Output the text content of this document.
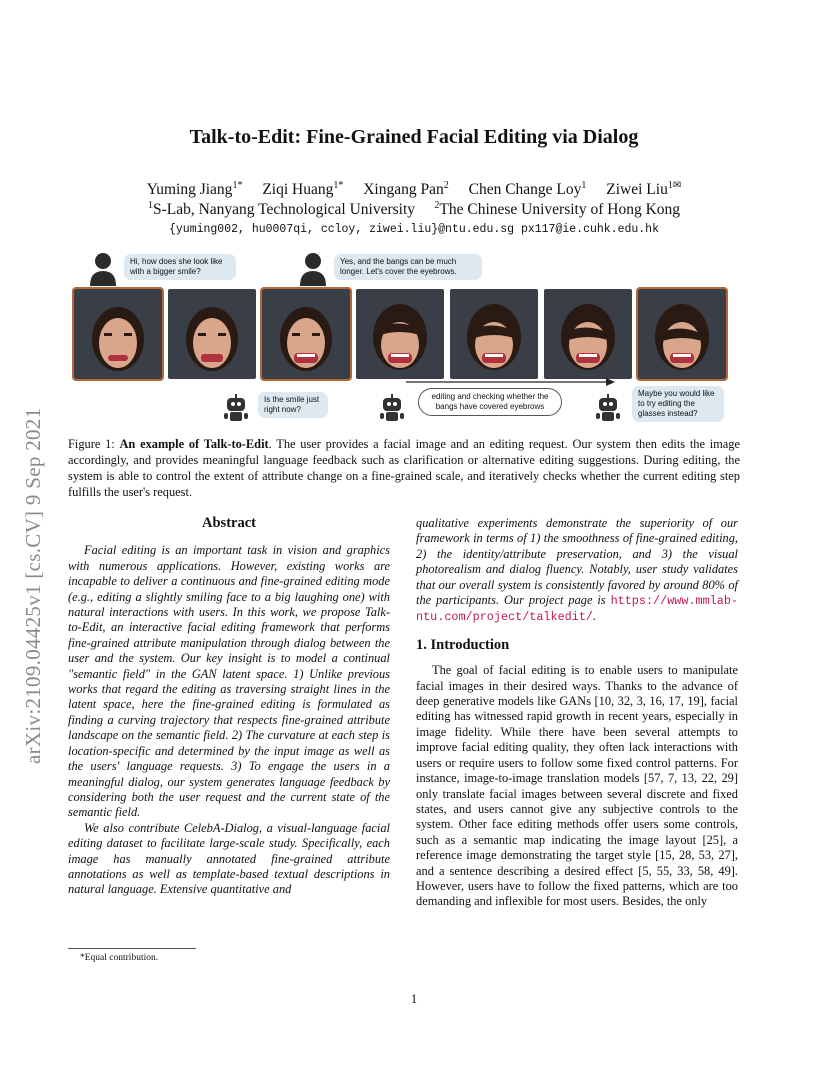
arXiv:2109.04425v1 [cs.CV] 9 Sep 2021
Talk-to-Edit: Fine-Grained Facial Editing via Dialog
Yuming Jiang$^{1*}$ Ziqi Huang$^{1*}$ Xingang Pan$^2$ Chen Change Loy$^1$ Ziwei Liu$^{1✉}$
$^1$S-Lab, Nanyang Technological University $^2$The Chinese University of Hong Kong
{yuming002, hu0007qi, ccloy, ziwei.liu}@ntu.edu.sg px117@ie.cuhk.edu.hk
Hi, how does she look like with a bigger smile?
Yes, and the bangs can be much longer. Let's cover the eyebrows.
Is the smile just right now?
editing and checking whether the bangs have covered eyebrows
Maybe you would like to try editing the glasses instead?
Figure 1: An example of Talk-to-Edit. The user provides a facial image and an editing request. Our system then edits the image accordingly, and provides meaningful language feedback such as clarification or alternative editing suggestions. During editing, the system is able to control the extent of attribute change on a fine-grained scale, and iteratively checks whether the current editing step fulfills the user's request.
Abstract

Facial editing is an important task in vision and graphics with numerous applications. However, existing works are incapable to deliver a continuous and fine-grained editing mode (e.g., editing a slightly smiling face to a big laughing one) with natural interactions with users. In this work, we propose Talk-to-Edit, an interactive facial editing framework that performs fine-grained attribute manipulation through dialog between the user and the system. Our key insight is to model a continual "semantic field" in the GAN latent space. 1) Unlike previous works that regard the editing as traversing straight lines in the latent space, here the fine-grained editing is formulated as finding a curving trajectory that respects fine-grained attribute landscape on the semantic field. 2) The curvature at each step is location-specific and determined by the input image as well as the users' language requests. 3) To engage the users in a meaningful dialog, our system generates language feedback by considering both the user request and the current state of the semantic field.

We also contribute CelebA-Dialog, a visual-language facial editing dataset to facilitate large-scale study. Specifically, each image has manually annotated fine-grained attribute annotations as well as template-based textual descriptions in natural language. Extensive quantitative and

qualitative experiments demonstrate the superiority of our framework in terms of 1) the smoothness of fine-grained editing, 2) the identity/attribute preservation, and 3) the visual photorealism and dialog fluency. Notably, user study validates that our overall system is consistently favored by around 80% of the participants. Our project page is https://www.mmlab-ntu.com/project/talkedit/.

1. Introduction

The goal of facial editing is to enable users to manipulate facial images in their desired ways. Thanks to the advance of deep generative models like GANs [10, 32, 3, 16, 17, 19], facial editing has witnessed rapid growth in recent years, especially in image fidelity. While there have been several attempts to improve facial editing quality, they often lack interactions with users or require users to follow some fixed control patterns. For instance, image-to-image translation models [57, 7, 13, 22, 29] only translate facial images between several discrete and fixed states, and users cannot give any subjective controls to the system. Other face editing methods offer users some controls, such as a semantic map indicating the image layout [25], a reference image demonstrating the target style [15, 28, 53, 27], and a sentence describing a desired effect [5, 55, 33, 58, 49]. However, users have to follow the fixed patterns, which are too demanding and inflexible for most users. Besides, the only

*Equal contribution.
1
